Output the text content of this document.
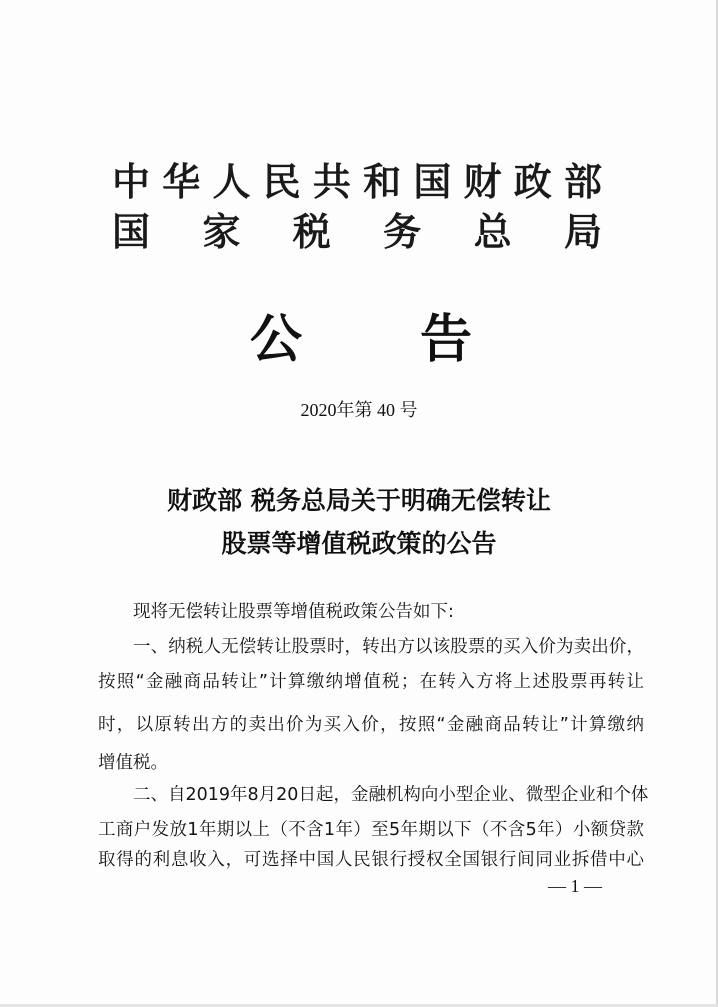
中 华 人 民 共 和 国 财 政 部
国 家 税 务 总 局
公 告
2020年第 40 号
财政部 税务总局关于明确无偿转让
股票等增值税政策的公告
现将无偿转让股票等增值税政策公告如下:
一、纳税人无偿转让股票时，转出方以该股票的买入价为卖出价，
按照“金融商品转让”计算缴纳增值税；在转入方将上述股票再转让
时，以原转出方的卖出价为买入价，按照“金融商品转让”计算缴纳
增值税。
二、自2019年8月20日起，金融机构向小型企业、微型企业和个体
工商户发放1年期以上（不含1年）至5年期以下（不含5年）小额贷款
取得的利息收入，可选择中国人民银行授权全国银行间同业拆借中心
— 1 —
